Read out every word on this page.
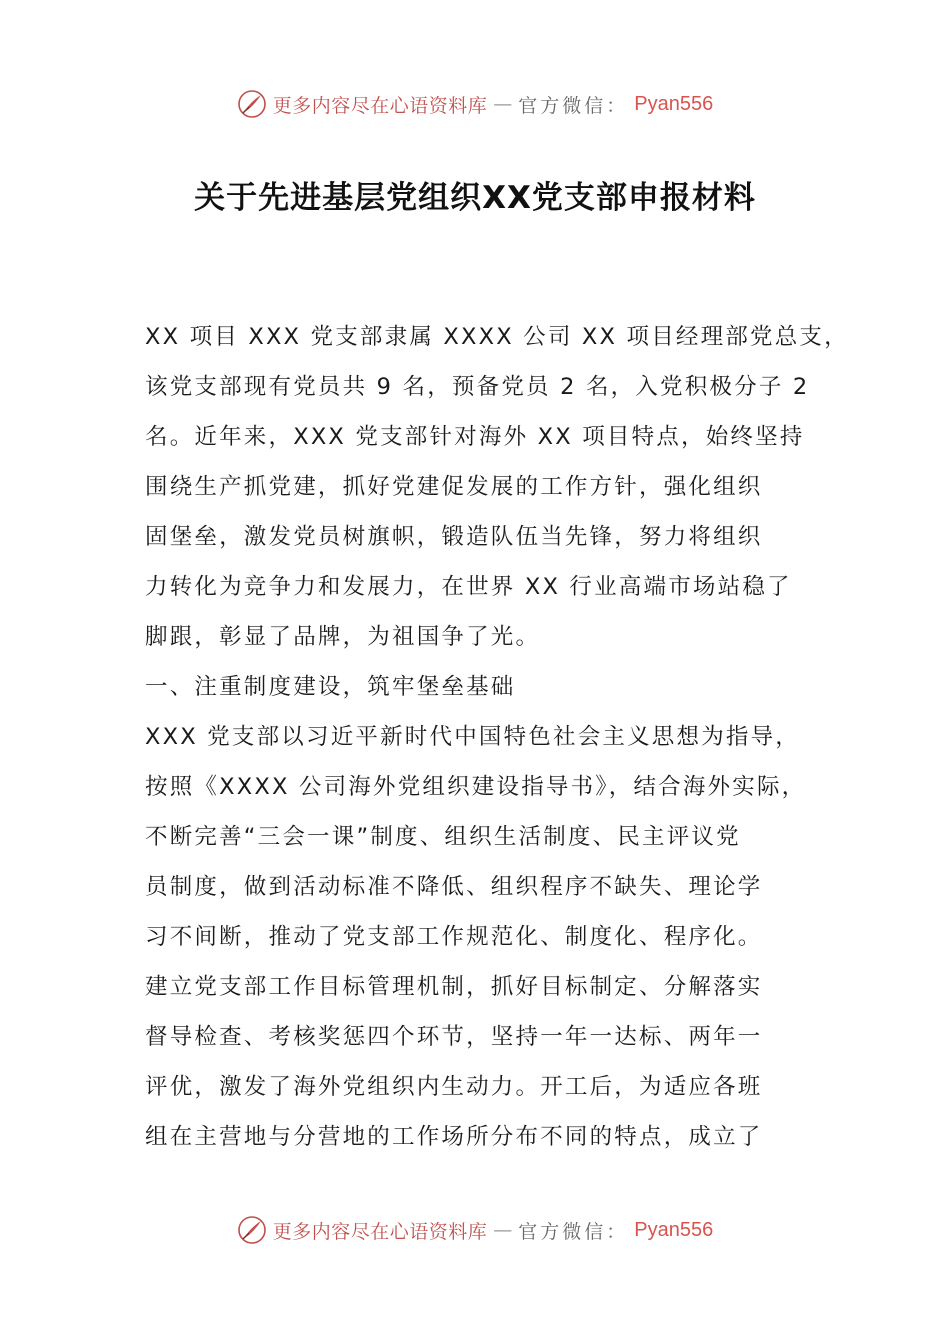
更多内容尽在心语资料库 — 官方微信： Pyan556
关于先进基层党组织XX党支部申报材料
XX 项目 XXX 党支部隶属 XXXX 公司 XX 项目经理部党总支，
该党支部现有党员共 9 名，预备党员 2 名，入党积极分子 2
名。近年来，XXX 党支部针对海外 XX 项目特点，始终坚持
围绕生产抓党建，抓好党建促发展的工作方针，强化组织
固堡垒，激发党员树旗帜，锻造队伍当先锋，努力将组织
力转化为竞争力和发展力，在世界 XX 行业高端市场站稳了
脚跟，彰显了品牌，为祖国争了光。
一、注重制度建设，筑牢堡垒基础
XXX 党支部以习近平新时代中国特色社会主义思想为指导，
按照《XXXX 公司海外党组织建设指导书》，结合海外实际，
不断完善“三会一课”制度、组织生活制度、民主评议党
员制度，做到活动标准不降低、组织程序不缺失、理论学
习不间断，推动了党支部工作规范化、制度化、程序化。
建立党支部工作目标管理机制，抓好目标制定、分解落实
督导检查、考核奖惩四个环节，坚持一年一达标、两年一
评优，激发了海外党组织内生动力。开工后，为适应各班
组在主营地与分营地的工作场所分布不同的特点，成立了
更多内容尽在心语资料库 — 官方微信： Pyan556
